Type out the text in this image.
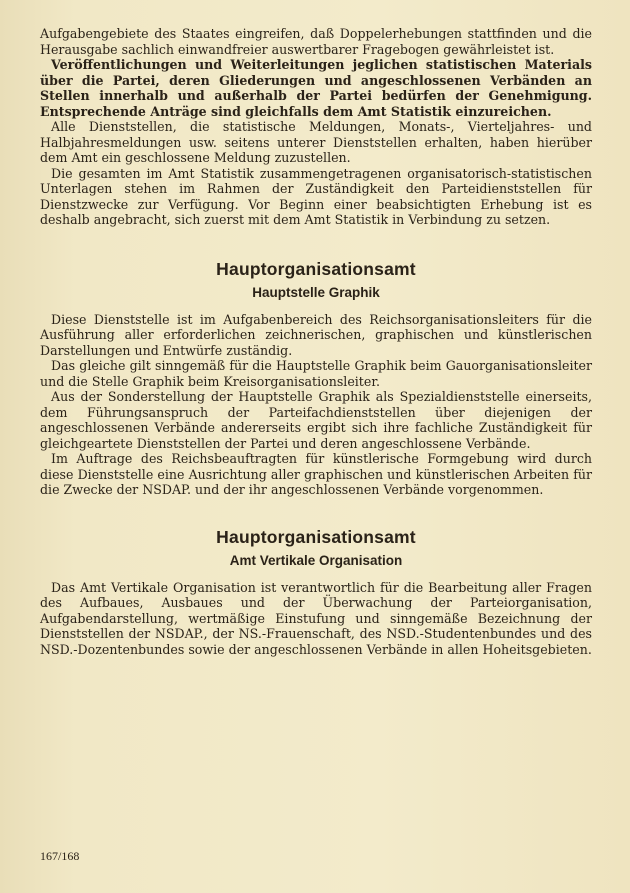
Aufgabengebiete des Staates eingreifen, daß Doppelerhebungen stattfinden und die Herausgabe sachlich einwandfreier auswertbarer Fragebogen gewährleistet ist.

Veröffentlichungen und Weiterleitungen jeglichen statistischen Materials über die Partei, deren Gliederungen und angeschlossenen Verbänden an Stellen innerhalb und außerhalb der Partei bedürfen der Genehmigung. Entsprechende Anträge sind gleichfalls dem Amt Statistik einzureichen.

Alle Dienststellen, die statistische Meldungen, Monats-, Vierteljahres- und Halbjahresmeldungen usw. seitens unterer Dienststellen erhalten, haben hierüber dem Amt ein geschlossene Meldung zuzustellen.

Die gesamten im Amt Statistik zusammengetragenen organisatorisch-statistischen Unterlagen stehen im Rahmen der Zuständigkeit den Parteidienststellen für Dienstzwecke zur Verfügung. Vor Beginn einer beabsichtigten Erhebung ist es deshalb angebracht, sich zuerst mit dem Amt Statistik in Verbindung zu setzen.

Hauptorganisationsamt
Hauptstelle Graphik

Diese Dienststelle ist im Aufgabenbereich des Reichsorganisationsleiters für die Ausführung aller erforderlichen zeichnerischen, graphischen und künstlerischen Darstellungen und Entwürfe zuständig.

Das gleiche gilt sinngemäß für die Hauptstelle Graphik beim Gauorganisationsleiter und die Stelle Graphik beim Kreisorganisationsleiter.

Aus der Sonderstellung der Hauptstelle Graphik als Spezialdienststelle einerseits, dem Führungsanspruch der Parteifachdienststellen über diejenigen der angeschlossenen Verbände andererseits ergibt sich ihre fachliche Zuständigkeit für gleichgeartete Dienststellen der Partei und deren angeschlossene Verbände.

Im Auftrage des Reichsbeauftragten für künstlerische Formgebung wird durch diese Dienststelle eine Ausrichtung aller graphischen und künstlerischen Arbeiten für die Zwecke der NSDAP. und der ihr angeschlossenen Verbände vorgenommen.

Hauptorganisationsamt
Amt Vertikale Organisation

Das Amt Vertikale Organisation ist verantwortlich für die Bearbeitung aller Fragen des Aufbaues, Ausbaues und der Überwachung der Parteiorganisation, Aufgabendarstellung, wertmäßige Einstufung und sinngemäße Bezeichnung der Dienststellen der NSDAP., der NS.-Frauenschaft, des NSD.-Studentenbundes und des NSD.-Dozentenbundes sowie der angeschlossenen Verbände in allen Hoheitsgebieten.

167/168
